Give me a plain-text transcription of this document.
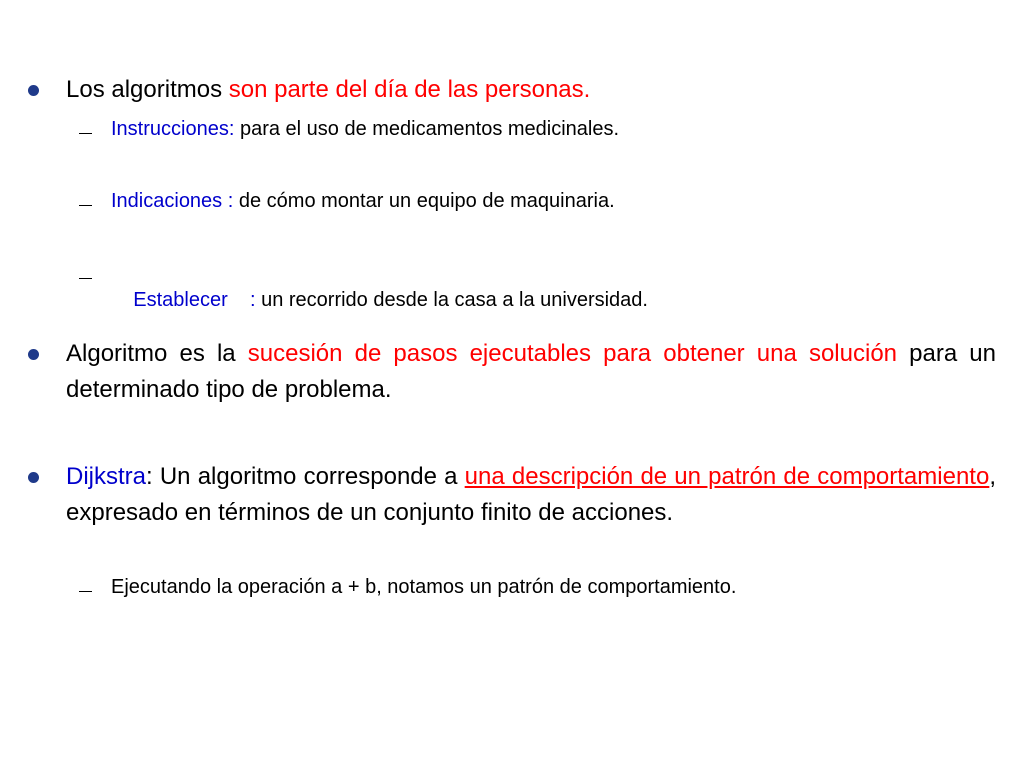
Los algoritmos son parte del día de las personas.
Instrucciones: para el uso de medicamentos medicinales.
Indicaciones : de cómo montar un equipo de maquinaria.

Establecer    : un recorrido desde la casa a la universidad.

Algoritmo es la sucesión de pasos ejecutables para obtener una solución para un determinado tipo de problema.
Dijkstra: Un algoritmo corresponde a una descripción de un patrón de comportamiento, expresado en términos de un conjunto finito de acciones.
Ejecutando la operación a + b, notamos un patrón de comportamiento.
